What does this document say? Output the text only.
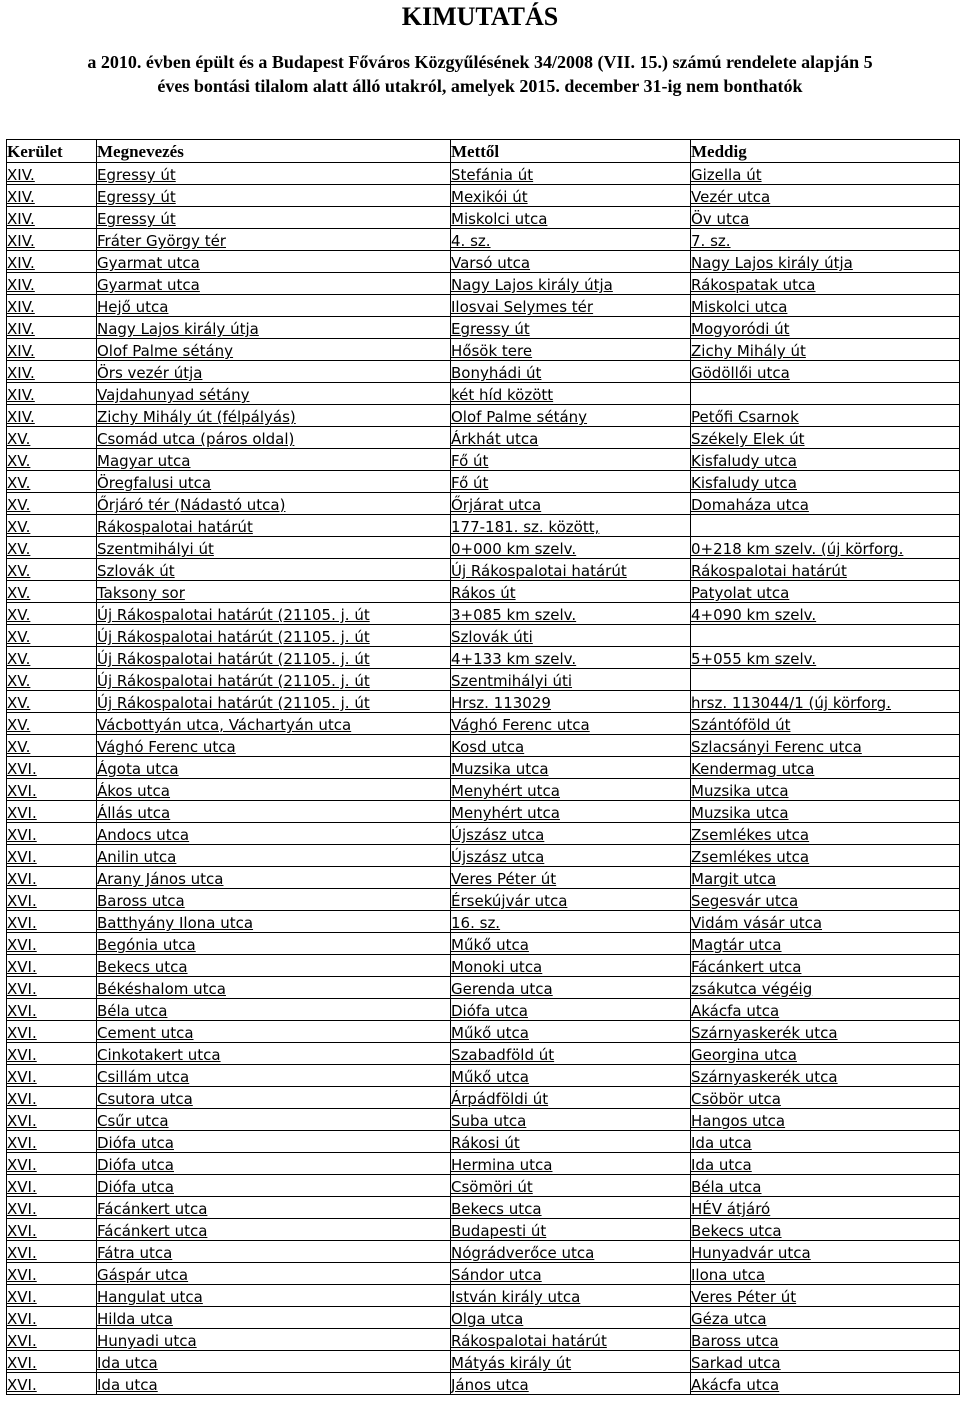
KIMUTATÁS
a 2010. évben épült és a Budapest Főváros Közgyűlésének 34/2008 (VII. 15.) számú rendelete alapján 5
éves bontási tilalom alatt álló utakról, amelyek 2015. december 31-ig nem bonthatók
Kerület	Megnevezés	Mettől	Meddig
XIV.	Egressy út	Stefánia út	Gizella út
XIV.	Egressy út	Mexikói út	Vezér utca
XIV.	Egressy út	Miskolci utca	Öv utca
XIV.	Fráter György tér	4. sz.	7. sz.
XIV.	Gyarmat utca	Varsó utca	Nagy Lajos király útja
XIV.	Gyarmat utca	Nagy Lajos király útja	Rákospatak utca
XIV.	Hejő utca	Ilosvai Selymes tér	Miskolci utca
XIV.	Nagy Lajos király útja	Egressy út	Mogyoródi út
XIV.	Olof Palme sétány	Hősök tere	Zichy Mihály út
XIV.	Örs vezér útja	Bonyhádi út	Gödöllői utca
XIV.	Vajdahunyad sétány	két híd között	
XIV.	Zichy Mihály út (félpályás)	Olof Palme sétány	Petőfi Csarnok
XV.	Csomád utca (páros oldal)	Árkhát utca	Székely Elek út
XV.	Magyar utca	Fő út	Kisfaludy utca
XV.	Öregfalusi utca	Fő út	Kisfaludy utca
XV.	Őrjáró tér (Nádastó utca)	Őrjárat utca	Domaháza utca
XV.	Rákospalotai határút	177-181. sz. között,	
XV.	Szentmihályi út	0+000 km szelv.	0+218 km szelv. (új körforg.
XV.	Szlovák út	Új Rákospalotai határút	Rákospalotai határút
XV.	Taksony sor	Rákos út	Patyolat utca
XV.	Új Rákospalotai határút (21105. j. út	3+085 km szelv.	4+090 km szelv.
XV.	Új Rákospalotai határút (21105. j. út	Szlovák úti	
XV.	Új Rákospalotai határút (21105. j. út	4+133 km szelv.	5+055 km szelv.
XV.	Új Rákospalotai határút (21105. j. út	Szentmihályi úti	
XV.	Új Rákospalotai határút (21105. j. út	Hrsz. 113029	hrsz. 113044/1 (új körforg.
XV.	Vácbottyán utca, Váchartyán utca	Vághó Ferenc utca	Szántóföld út
XV.	Vághó Ferenc utca	Kosd utca	Szlacsányi Ferenc utca
XVI.	Ágota utca	Muzsika utca	Kendermag utca
XVI.	Ákos utca	Menyhért utca	Muzsika utca
XVI.	Állás utca	Menyhért utca	Muzsika utca
XVI.	Andocs utca	Újszász utca	Zsemlékes utca
XVI.	Anilin utca	Újszász utca	Zsemlékes utca
XVI.	Arany János utca	Veres Péter út	Margit utca
XVI.	Baross utca	Érsekújvár utca	Segesvár utca
XVI.	Batthyány Ilona utca	16. sz.	Vidám vásár utca
XVI.	Begónia utca	Műkő utca	Magtár utca
XVI.	Bekecs utca	Monoki utca	Fácánkert utca
XVI.	Békéshalom utca	Gerenda utca	zsákutca végéig
XVI.	Béla utca	Diófa utca	Akácfa utca
XVI.	Cement utca	Műkő utca	Szárnyaskerék utca
XVI.	Cinkotakert utca	Szabadföld út	Georgina utca
XVI.	Csillám utca	Műkő utca	Szárnyaskerék utca
XVI.	Csutora utca	Árpádföldi út	Csöbör utca
XVI.	Csűr utca	Suba utca	Hangos utca
XVI.	Diófa utca	Rákosi út	Ida utca
XVI.	Diófa utca	Hermina utca	Ida utca
XVI.	Diófa utca	Csömöri út	Béla utca
XVI.	Fácánkert utca	Bekecs utca	HÉV átjáró
XVI.	Fácánkert utca	Budapesti út	Bekecs utca
XVI.	Fátra utca	Nógrádverőce utca	Hunyadvár utca
XVI.	Gáspár utca	Sándor utca	Ilona utca
XVI.	Hangulat utca	István király utca	Veres Péter út
XVI.	Hilda utca	Olga utca	Géza utca
XVI.	Hunyadi utca	Rákospalotai határút	Baross utca
XVI.	Ida utca	Mátyás király út	Sarkad utca
XVI.	Ida utca	János utca	Akácfa utca
